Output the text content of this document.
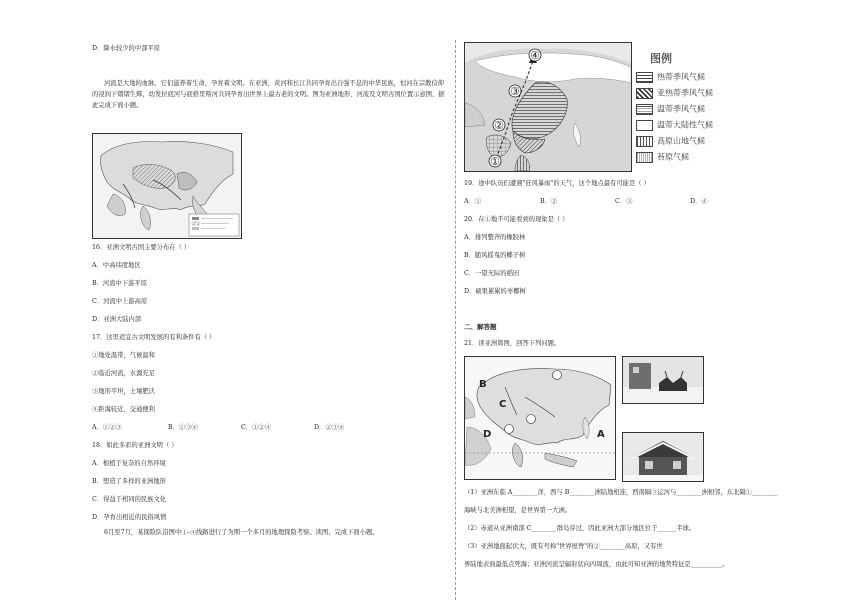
D．降水较少的中部平原
河流是大地的血脉，它们滋养着生命，孕育着文明。在亚洲，黄河和长江共同孕育出自强不息的中华民族，恒河在宗教信仰的浸润下熠熠生辉，幼发拉底河与底格里斯河共同孕育出世界上最古老的文明。图为亚洲地形、河流及文明古国位置示意图，据此完成下面小题。
16．亚洲文明古国主要分布在（ ）
A．中高纬度地区
B．河流中下游平原
C．河流中上游高原
D．亚洲大陆内部
17．这里适宜古文明发展的有利条件有（ ）
①地处温带，气候温和
②临近河流，水源充足
③地形平坦，土壤肥沃
④距海较近，交通便利
A．①②③	B．①③④	C．①②④	D．②③④
18．如此多彩的亚洲文明（ ）
A．根植于复杂的自然环境
B．塑造了多样的亚洲地形
C．得益于相同的民族文化
D．孕育出相近的民俗风情
6月至7月，某探险队沿图中①-④线路进行了为期一个多月的地理探险考察。读图，完成下面小题。
①
②
③
④	图例
热带季风气候
亚热带季风气候
温带季风气候
温带大陆性气候
高原山地气候
苔原气候
19．途中队员们遭遇"狂风暴雨"的天气，这个地点最有可能是（ ）
A．①	B．②	C．③	D．④
20．在①地不可能看到的现象是（ ）
A．排列整齐的橡胶林
B．随风摇曳的椰子树
C．一望无际的稻田
D．硕果累累的枣椰树
二、解答题
21．读亚洲简图，回答下列问题。
B
C
D	A
（1）亚洲东临 A________洋，西与 B________洲陆地相连，西南隔③运河与________洲相邻，东北隔①________
海峡与北美洲相望，是世界第一大洲。
（2）赤道从亚洲南部 C________群岛穿过，因此亚洲大部分地区位于______半球。
（3）亚洲地面起伏大，既有号称"世界屋脊"的②________高原，又有世
界陆地表面最低点死海；亚洲河流呈辐射状向四周流，由此可知亚洲的地势特征是__________。
